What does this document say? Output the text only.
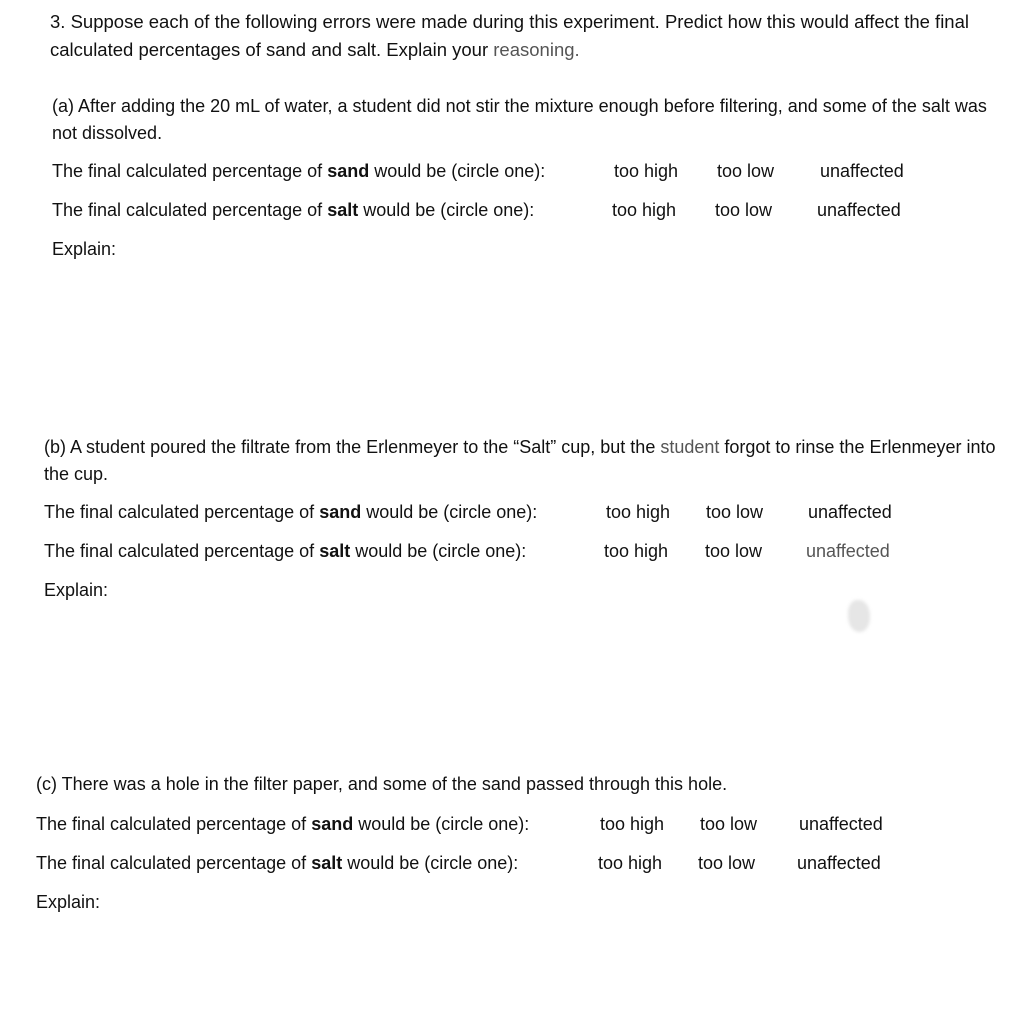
3. Suppose each of the following errors were made during this experiment. Predict how this would affect the final calculated percentages of sand and salt. Explain your reasoning.

(a) After adding the 20 mL of water, a student did not stir the mixture enough before filtering, and some of the salt was not dissolved.

The final calculated percentage of sand would be (circle one):	too high too low	unaffected
The final calculated percentage of salt would be (circle one):	too high too low unaffected
Explain:

(b) A student poured the filtrate from the Erlenmeyer to the “Salt” cup, but the student forgot to rinse the Erlenmeyer into the cup.

The final calculated percentage of sand would be (circle one):	too high too low unaffected
The final calculated percentage of salt would be (circle one):	too high too low unaffected
Explain:

(c) There was a hole in the filter paper, and some of the sand passed through this hole.

The final calculated percentage of sand would be (circle one):	too high too low unaffected
The final calculated percentage of salt would be (circle one):	too high too low unaffected
Explain:
